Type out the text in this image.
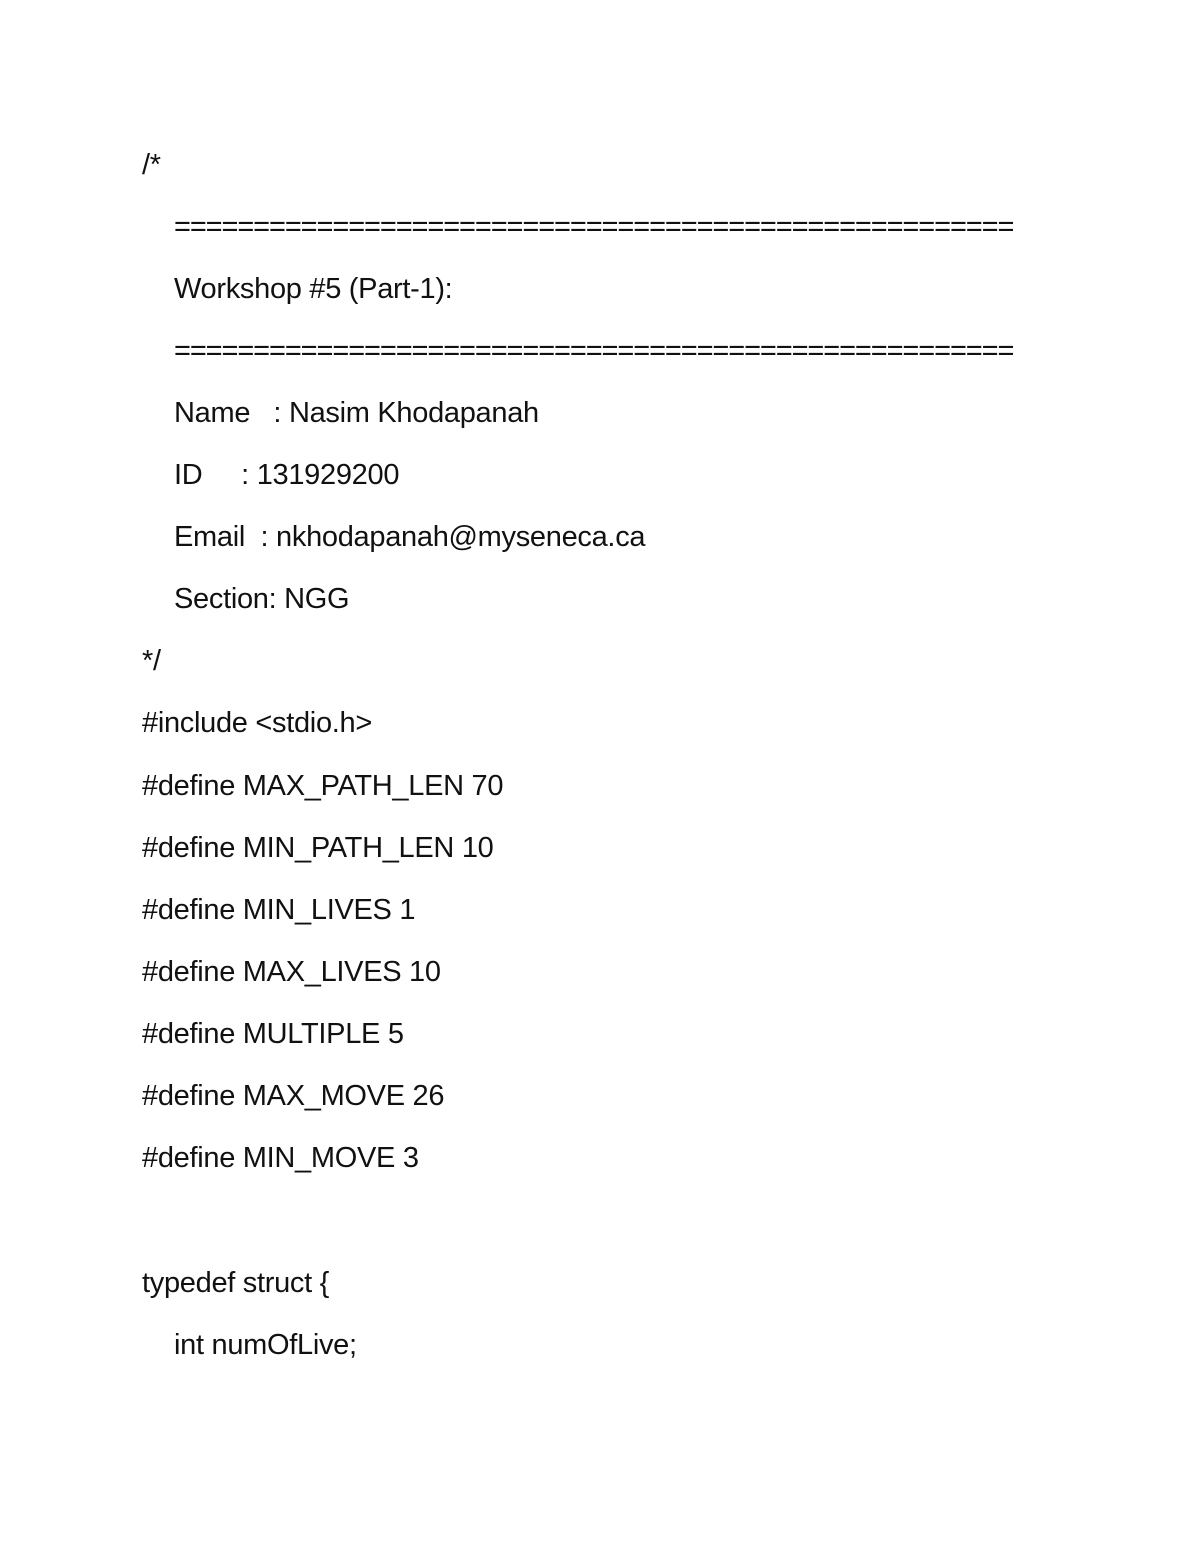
/*
=====================================================
Workshop #5 (Part-1):
=====================================================
Name   : Nasim Khodapanah
ID     : 131929200
Email  : nkhodapanah@myseneca.ca
Section: NGG
*/
#include <stdio.h>
#define MAX_PATH_LEN 70
#define MIN_PATH_LEN 10
#define MIN_LIVES 1
#define MAX_LIVES 10
#define MULTIPLE 5
#define MAX_MOVE 26
#define MIN_MOVE 3
typedef struct {
int numOfLive;
